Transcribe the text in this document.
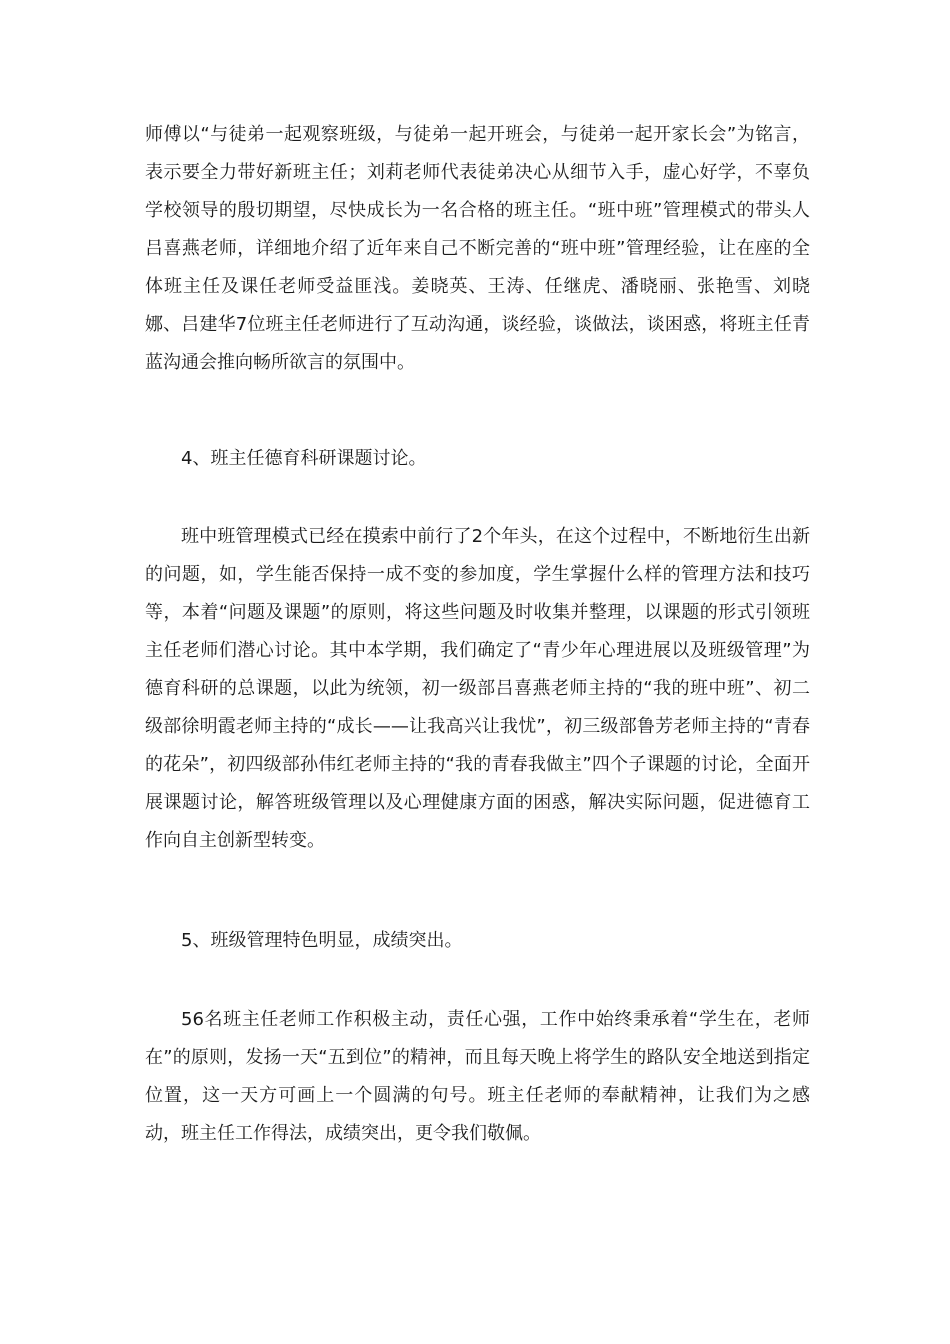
师傅以“与徒弟一起观察班级，与徒弟一起开班会，与徒弟一起开家长会”为铭言，表示要全力带好新班主任；刘莉老师代表徒弟决心从细节入手，虚心好学，不辜负学校领导的殷切期望，尽快成长为一名合格的班主任。“班中班”管理模式的带头人吕喜燕老师，详细地介绍了近年来自己不断完善的“班中班”管理经验，让在座的全体班主任及课任老师受益匪浅。姜晓英、王涛、任继虎、潘晓丽、张艳雪、刘晓娜、吕建华7位班主任老师进行了互动沟通，谈经验，谈做法，谈困惑，将班主任青蓝沟通会推向畅所欲言的氛围中。
4、班主任德育科研课题讨论。
班中班管理模式已经在摸索中前行了2个年头，在这个过程中，不断地衍生出新的问题，如，学生能否保持一成不变的参加度，学生掌握什么样的管理方法和技巧等，本着“问题及课题”的原则，将这些问题及时收集并整理，以课题的形式引领班主任老师们潜心讨论。其中本学期，我们确定了“青少年心理进展以及班级管理”为德育科研的总课题，以此为统领，初一级部吕喜燕老师主持的“我的班中班”、初二级部徐明霞老师主持的“成长——让我高兴让我忧”，初三级部鲁芳老师主持的“青春的花朵”，初四级部孙伟红老师主持的“我的青春我做主”四个子课题的讨论，全面开展课题讨论，解答班级管理以及心理健康方面的困惑，解决实际问题，促进德育工作向自主创新型转变。
5、班级管理特色明显，成绩突出。
56名班主任老师工作积极主动，责任心强，工作中始终秉承着“学生在，老师在”的原则，发扬一天“五到位”的精神，而且每天晚上将学生的路队安全地送到指定位置，这一天方可画上一个圆满的句号。班主任老师的奉献精神，让我们为之感动，班主任工作得法，成绩突出，更令我们敬佩。
